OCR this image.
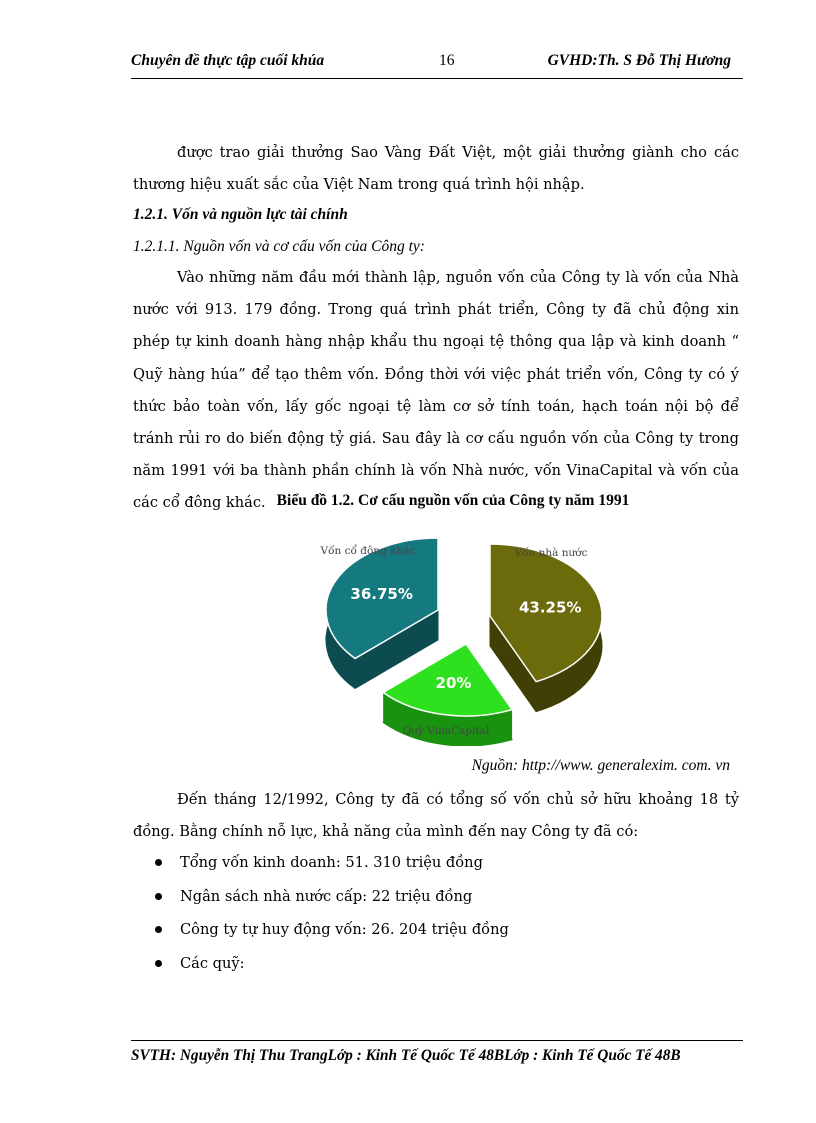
Chuyên đề thực tập cuối khúa	16	GVHD:Th. S Đỗ Thị Hương

được trao giải thưởng Sao Vàng Đất Việt, một giải thưởng giành cho các thương hiệu xuất sắc của Việt Nam trong quá trình hội nhập.

1.2.1. Vốn và nguồn lực tài chính
1.2.1.1. Nguồn vốn và cơ cấu vốn của Công ty:

Vào những năm đầu mới thành lập, nguồn vốn của Công ty là vốn của Nhà nước với 913. 179 đồng. Trong quá trình phát triển, Công ty đã chủ động xin phép tự kinh doanh hàng nhập khẩu thu ngoại tệ thông qua lập và kinh doanh “ Quỹ hàng húa” để tạo thêm vốn. Đồng thời với việc phát triển vốn, Công ty có ý thức bảo toàn vốn, lấy gốc ngoại tệ làm cơ sở tính toán, hạch toán nội bộ để tránh rủi ro do biến động tỷ giá. Sau đây là cơ cấu nguồn vốn của Công ty trong năm 1991 với ba thành phần chính là vốn Nhà nước, vốn VinaCapital và vốn của các cổ đông khác. Biểu đồ 1.2. Cơ cấu nguồn vốn của Công ty năm 1991
43.25%
20%
36.75%
Vốn nhà nước
Quỹ VinaCapital
Vốn cổ đông khác
Nguồn: http://www. generalexim. com. vn

Đến tháng 12/1992, Công ty đã có tổng số vốn chủ sở hữu khoảng 18 tỷ đồng. Bằng chính nỗ lực, khả năng của mình đến nay Công ty đã có:

Tổng vốn kinh doanh: 51. 310 triệu đồng
Ngân sách nhà nước cấp: 22 triệu đồng
Công ty tự huy động vốn: 26. 204 triệu đồng
Các quỹ:
SVTH: Nguyễn Thị Thu TrangLớp : Kinh Tế Quốc Tế 48BLớp : Kinh Tế Quốc Tế 48B
